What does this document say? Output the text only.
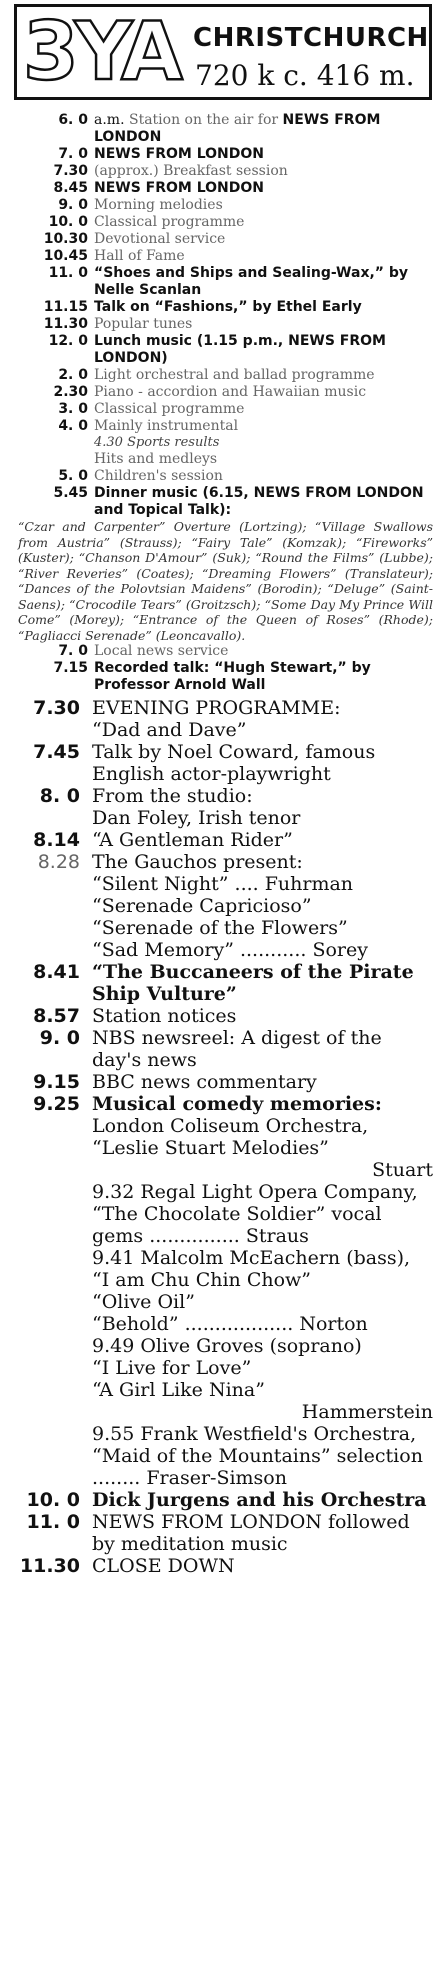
3YA CHRISTCHURCH
720 k c. 416 m.
6. 0 a.m. Station on the air for NEWS FROM LONDON
7. 0 NEWS FROM LONDON
7.30 (approx.) Breakfast session
8.45 NEWS FROM LONDON
9. 0 Morning melodies
10. 0 Classical programme
10.30 Devotional service
10.45 Hall of Fame
11. 0 “Shoes and Ships and Sealing-Wax,” by Nelle Scanlan
11.15 Talk on “Fashions,” by Ethel Early
11.30 Popular tunes
12. 0 Lunch music (1.15 p.m., NEWS FROM LONDON)
2. 0 Light orchestral and ballad programme
2.30 Piano - accordion and Hawaiian music
3. 0 Classical programme
4. 0 Mainly instrumental
4.30 Sports results
Hits and medleys
5. 0 Children's session
5.45 Dinner music (6.15, NEWS FROM LONDON and Topical Talk):
“Czar and Carpenter” Overture (Lortzing); “Village Swallows from Austria” (Strauss); “Fairy Tale” (Komzak); “Fireworks” (Kuster); “Chanson D'Amour” (Suk); “Round the Films” (Lubbe); “River Reveries” (Coates); “Dreaming Flowers” (Translateur); “Dances of the Polovtsian Maidens” (Borodin); “Deluge” (Saint-Saens); “Crocodile Tears” (Groitzsch); “Some Day My Prince Will Come” (Morey); “Entrance of the Queen of Roses” (Rhode); “Pagliacci Serenade” (Leoncavallo).
7. 0 Local news service
7.15 Recorded talk: “Hugh Stewart,” by Professor Arnold Wall
7.30 EVENING PROGRAMME:
“Dad and Dave”
7.45 Talk by Noel Coward, famous English actor-playwright
8. 0 From the studio:
Dan Foley, Irish tenor
8.14 “A Gentleman Rider”
8.28 The Gauchos present:
“Silent Night” .... Fuhrman
“Serenade Capricioso”
“Serenade of the Flowers”
“Sad Memory” ........... Sorey
8.41 “The Buccaneers of the Pirate Ship Vulture”
8.57 Station notices
9. 0 NBS newsreel: A digest of the day's news
9.15 BBC news commentary
9.25 Musical comedy memories:
London Coliseum Orchestra, “Leslie Stuart Melodies”
Stuart
9.32 Regal Light Opera Company,
“The Chocolate Soldier” vocal gems ............... Straus
9.41 Malcolm McEachern (bass),
“I am Chu Chin Chow”
“Olive Oil”
“Behold” .................. Norton
9.49 Olive Groves (soprano)
“I Live for Love”
“A Girl Like Nina”
Hammerstein
9.55 Frank Westfield's Orchestra,
“Maid of the Mountains” selection ........ Fraser-Simson
10. 0 Dick Jurgens and his Orchestra
11. 0 NEWS FROM LONDON followed by meditation music
11.30 CLOSE DOWN
